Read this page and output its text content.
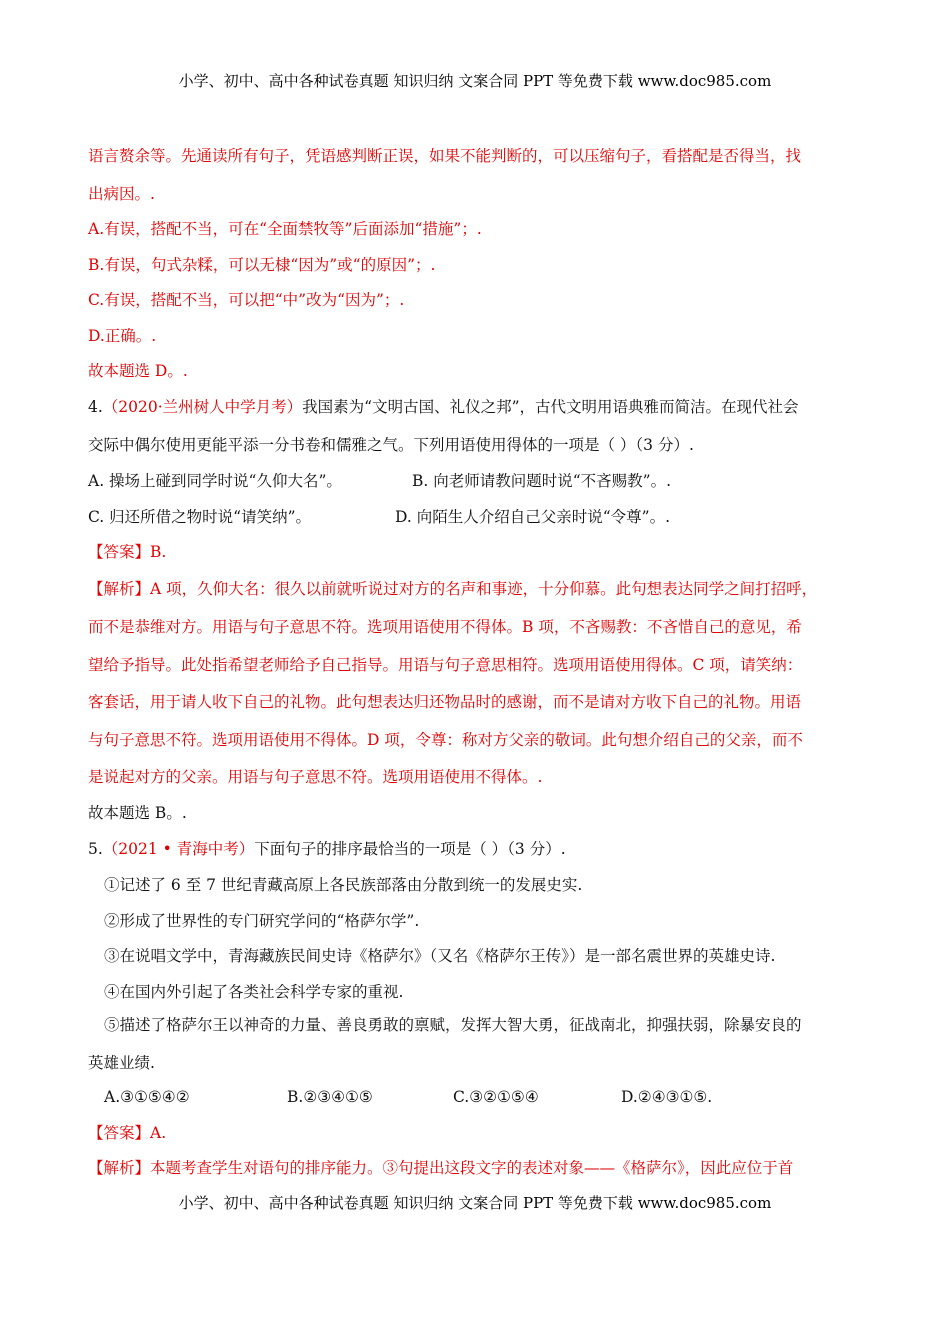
小学、初中、高中各种试卷真题 知识归纳 文案合同 PPT 等免费下载 www.doc985.com
语言赘余等。先通读所有句子，凭语感判断正误，如果不能判断的，可以压缩句子，看搭配是否得当，找
出病因。.
A.有误，搭配不当，可在“全面禁牧等”后面添加“措施”；.
B.有误，句式杂糅，可以无棣“因为”或“的原因”；.
C.有误，搭配不当，可以把“中”改为“因为”；.
D.正确。.
故本题选 D。.
4.（2020·兰州树人中学月考）我国素为“文明古国、礼仪之邦”，古代文明用语典雅而简洁。在现代社会
交际中偶尔使用更能平添一分书卷和儒雅之气。下列用语使用得体的一项是（ ）（3 分）.
A. 操场上碰到同学时说“久仰大名”。	B. 向老师请教问题时说“不吝赐教”。.
C. 归还所借之物时说“请笑纳”。	D. 向陌生人介绍自己父亲时说“令尊”。.
【答案】B.
【解析】A 项，久仰大名：很久以前就听说过对方的名声和事迹，十分仰慕。此句想表达同学之间打招呼，
而不是恭维对方。用语与句子意思不符。选项用语使用不得体。B 项，不吝赐教：不吝惜自己的意见，希
望给予指导。此处指希望老师给予自己指导。用语与句子意思相符。选项用语使用得体。C 项，请笑纳：
客套话，用于请人收下自己的礼物。此句想表达归还物品时的感谢，而不是请对方收下自己的礼物。用语
与句子意思不符。选项用语使用不得体。D 项，令尊：称对方父亲的敬词。此句想介绍自己的父亲，而不
是说起对方的父亲。用语与句子意思不符。选项用语使用不得体。.
故本题选 B。.
5.（2021 • 青海中考）下面句子的排序最恰当的一项是（ ）（3 分）.
①记述了 6 至 7 世纪青藏高原上各民族部落由分散到统一的发展史实.
②形成了世界性的专门研究学问的“格萨尔学”.
③在说唱文学中，青海藏族民间史诗《格萨尔》（又名《格萨尔王传》）是一部名震世界的英雄史诗.
④在国内外引起了各类社会科学专家的重视.
⑤描述了格萨尔王以神奇的力量、善良勇敢的禀赋，发挥大智大勇，征战南北，抑强扶弱，除暴安良的
英雄业绩.
A.③①⑤④②	B.②③④①⑤	C.③②①⑤④	D.②④③①⑤.
【答案】A.
【解析】本题考查学生对语句的排序能力。③句提出这段文字的表述对象——《格萨尔》，因此应位于首
小学、初中、高中各种试卷真题 知识归纳 文案合同 PPT 等免费下载 www.doc985.com
